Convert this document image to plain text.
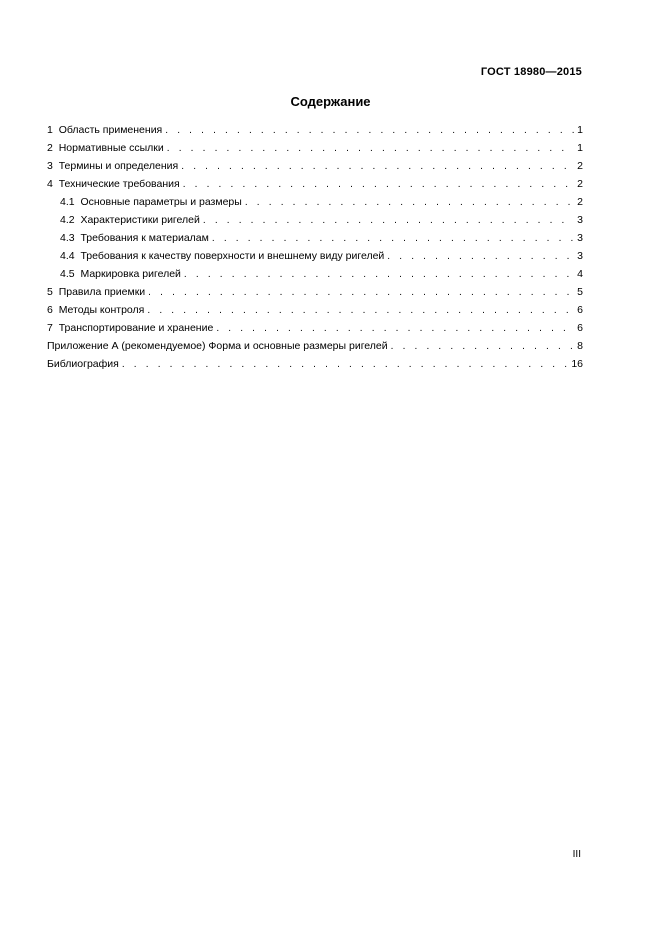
ГОСТ 18980—2015
Содержание
1 Область применения . . .	1
2 Нормативные ссылки . . .	1
3 Термины и определения . . .	2
4 Технические требования . . .	2
4.1 Основные параметры и размеры . . .	2
4.2 Характеристики ригелей . . .	3
4.3 Требования к материалам . . .	3
4.4 Требования к качеству поверхности и внешнему виду ригелей . . .	3
4.5 Маркировка ригелей . . .	4
5 Правила приемки . . .	5
6 Методы контроля . . .	6
7 Транспортирование и хранение . . .	6
Приложение А (рекомендуемое) Форма и основные размеры ригелей . . .	8
Библиография . . .	16
III
